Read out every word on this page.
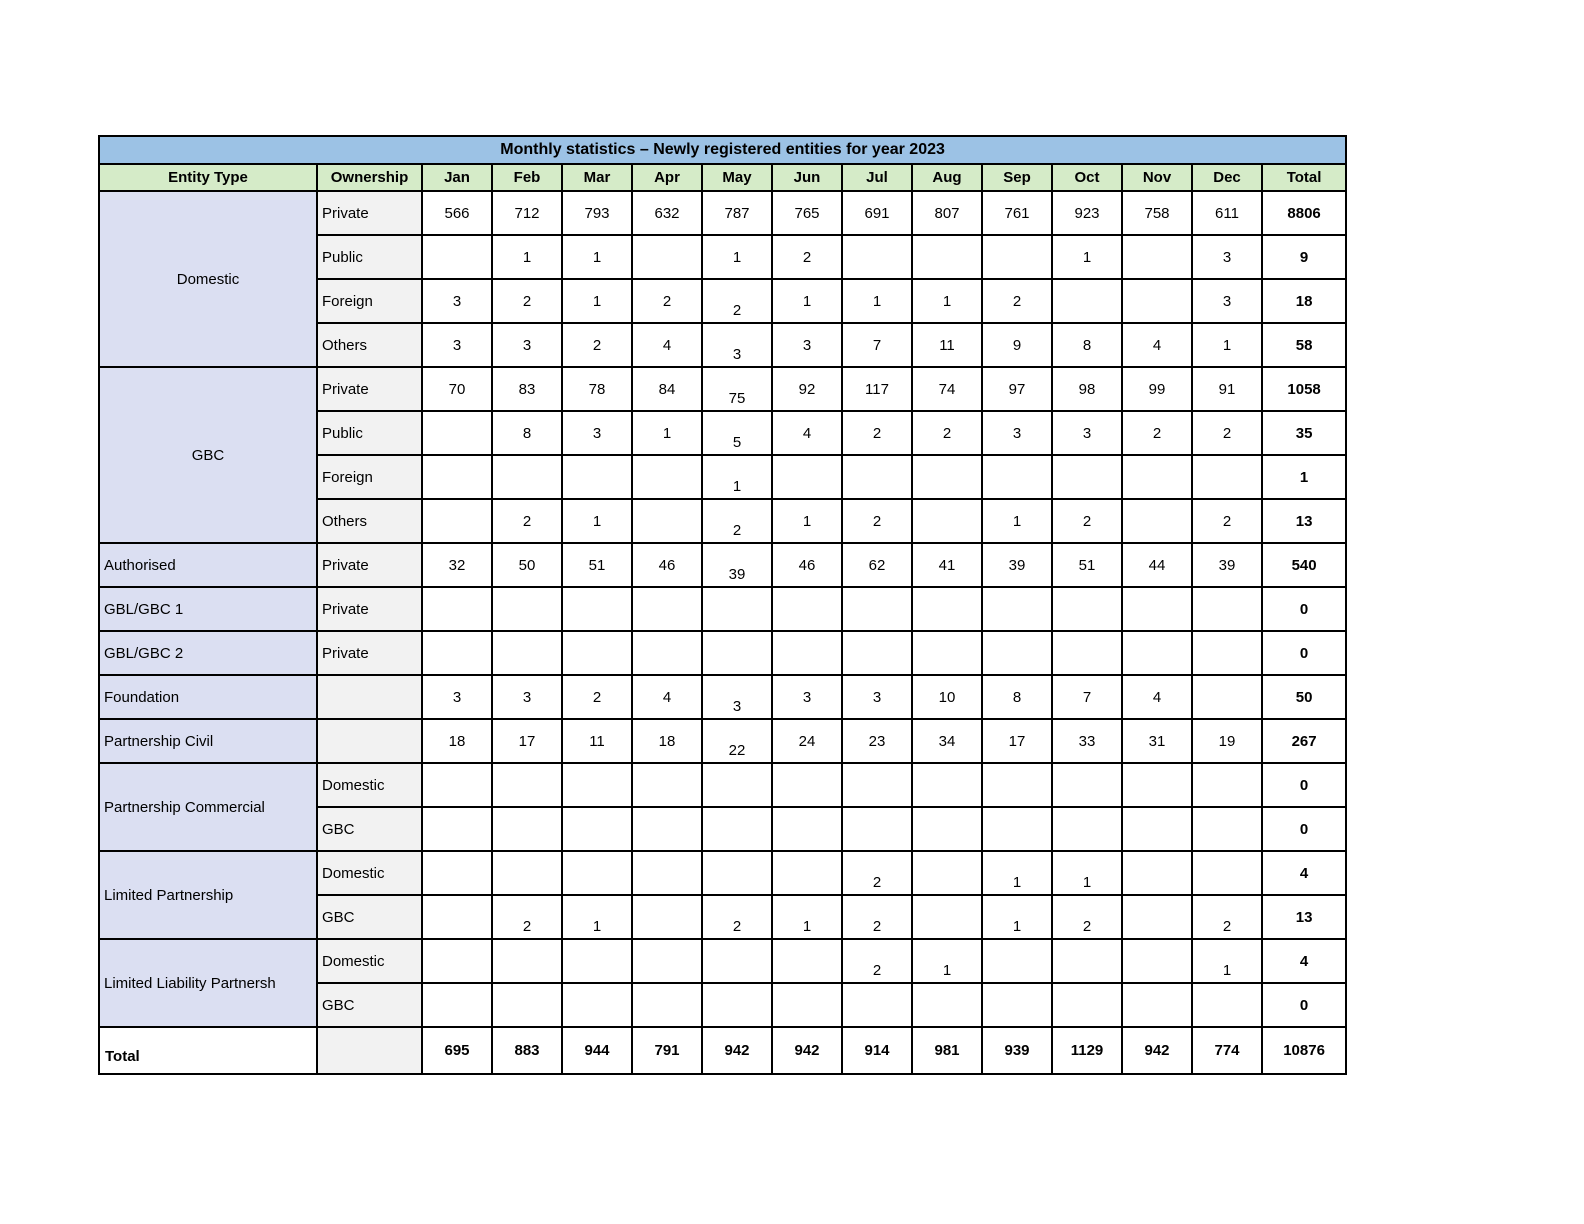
Monthly statistics – Newly registered entities for year 2023														
Entity Type	Ownership	Jan	Feb	Mar	Apr	May	Jun	Jul	Aug	Sep	Oct	Nov	Dec	Total
Domestic	Private	566	712	793	632	787	765	691	807	761	923	758	611	8806
	Public		1	1		1	2				1		3	9
	Foreign	3	2	1	2	2	1	1	1	2			3	18
	Others	3	3	2	4	3	3	7	11	9	8	4	1	58
GBC	Private	70	83	78	84	75	92	117	74	97	98	99	91	1058
	Public		8	3	1	5	4	2	2	3	3	2	2	35
	Foreign					1								1
	Others		2	1		2	1	2		1	2		2	13
Authorised	Private	32	50	51	46	39	46	62	41	39	51	44	39	540
GBL/GBC 1	Private													0
GBL/GBC 2	Private													0
Foundation		3	3	2	4	3	3	3	10	8	7	4		50
Partnership Civil		18	17	11	18	22	24	23	34	17	33	31	19	267
Partnership Commercial	Domestic													0
	GBC													0
Limited Partnership	Domestic							2		1	1			4
	GBC		2	1		2	1	2		1	2		2	13
Limited Liability Partnersh	Domestic							2	1				1	4
	GBC													0
Total		695	883	944	791	942	942	914	981	939	1129	942	774	10876
